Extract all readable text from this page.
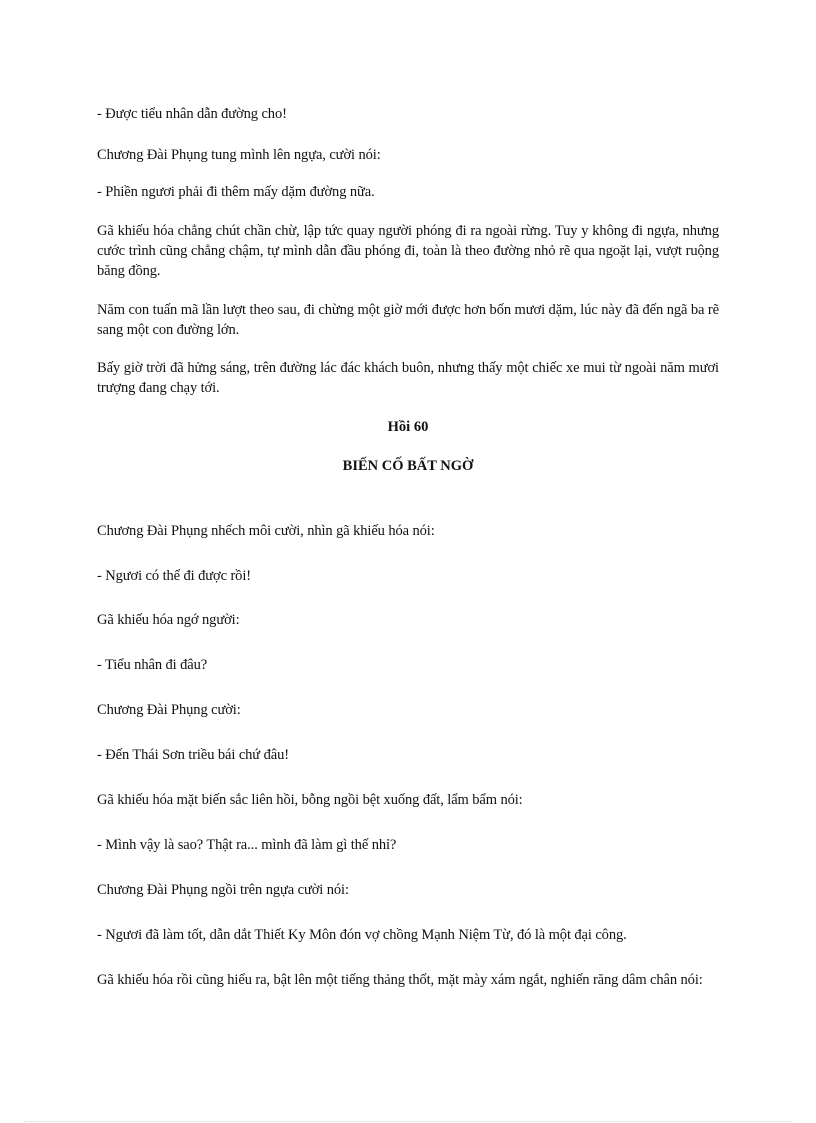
- Được tiểu nhân dẫn đường cho!

Chương Đài Phụng tung mình lên ngựa, cười nói:

- Phiền ngươi phải đi thêm mấy dặm đường nữa.

Gã khiếu hóa chẳng chút chần chừ, lập tức quay người phóng đi ra ngoài rừng. Tuy y không đi ngựa, nhưng cước trình cũng chẳng chậm, tự mình dẫn đầu phóng đi, toàn là theo đường nhỏ rẽ qua ngoặt lại, vượt ruộng băng đồng.

Năm con tuấn mã lần lượt theo sau, đi chừng một giờ mới được hơn bốn mươi dặm, lúc này đã đến ngã ba rẽ sang một con đường lớn.

Bấy giờ trời đã hửng sáng, trên đường lác đác khách buôn, nhưng thấy một chiếc xe mui từ ngoài năm mươi trượng đang chạy tới.

Hồi 60
BIẾN CỐ BẤT NGỜ

Chương Đài Phụng nhếch môi cười, nhìn gã khiếu hóa nói:

- Ngươi có thể đi được rồi!

Gã khiếu hóa ngớ người:

- Tiểu nhân đi đâu?

Chương Đài Phụng cười:

- Đến Thái Sơn triều bái chứ đâu!

Gã khiếu hóa mặt biến sắc liên hồi, bỗng ngồi bệt xuống đất, lẩm bẩm nói:

- Mình vậy là sao? Thật ra... mình đã làm gì thế nhỉ?

Chương Đài Phụng ngồi trên ngựa cười nói:

- Ngươi đã làm tốt, dẫn dắt Thiết Ky Môn đón vợ chồng Mạnh Niệm Từ, đó là một đại công.

Gã khiếu hóa rồi cũng hiểu ra, bật lên một tiếng thảng thốt, mặt mày xám ngắt, nghiến răng dâm chân nói:
